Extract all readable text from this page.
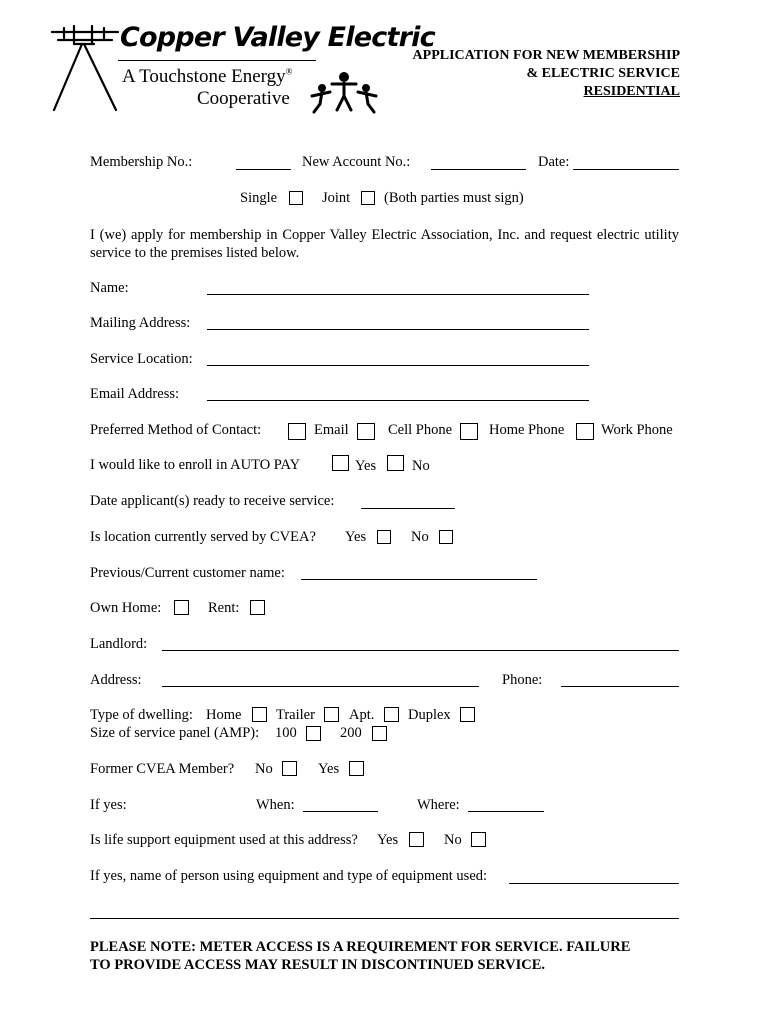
Copper Valley Electric
A Touchstone Energy®
Cooperative
APPLICATION FOR NEW MEMBERSHIP
& ELECTRIC SERVICE
RESIDENTIAL
Membership No.:	New Account No.:	Date:
Single	Joint (Both parties must sign)
I (we) apply for membership in Copper Valley Electric Association, Inc. and request electric utility service to the premises listed below.
Name:
Mailing Address:
Service Location:
Email Address:
Preferred Method of Contact:	Email	Cell Phone	Home Phone	Work Phone
I would like to enroll in AUTO PAY	Yes No
Date applicant(s) ready to receive service:
Is location currently served by CVEA? Yes	No
Previous/Current customer name:
Own Home:	Rent:
Landlord:
Address:	Phone:
Type of dwelling: Home Trailer Apt. Duplex
Size of service panel (AMP): 100	200
Former CVEA Member? No	Yes
If yes:	When:	Where:
Is life support equipment used at this address? Yes	No
If yes, name of person using equipment and type of equipment used:
PLEASE NOTE: METER ACCESS IS A REQUIREMENT FOR SERVICE. FAILURE
TO PROVIDE ACCESS MAY RESULT IN DISCONTINUED SERVICE.
